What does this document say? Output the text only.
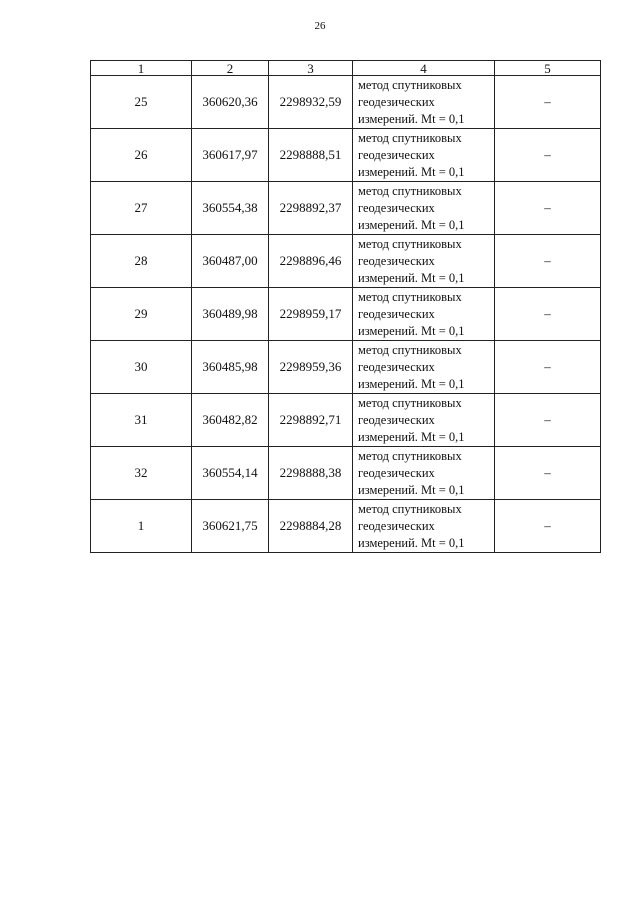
26
1	2	3	4	5
25	360620,36	2298932,59	метод спутниковых
геодезических
измерений. Mt = 0,1	–
26	360617,97	2298888,51	метод спутниковых
геодезических
измерений. Mt = 0,1	–
27	360554,38	2298892,37	метод спутниковых
геодезических
измерений. Mt = 0,1	–
28	360487,00	2298896,46	метод спутниковых
геодезических
измерений. Mt = 0,1	–
29	360489,98	2298959,17	метод спутниковых
геодезических
измерений. Mt = 0,1	–
30	360485,98	2298959,36	метод спутниковых
геодезических
измерений. Mt = 0,1	–
31	360482,82	2298892,71	метод спутниковых
геодезических
измерений. Mt = 0,1	–
32	360554,14	2298888,38	метод спутниковых
геодезических
измерений. Mt = 0,1	–
1	360621,75	2298884,28	метод спутниковых
геодезических
измерений. Mt = 0,1	–
